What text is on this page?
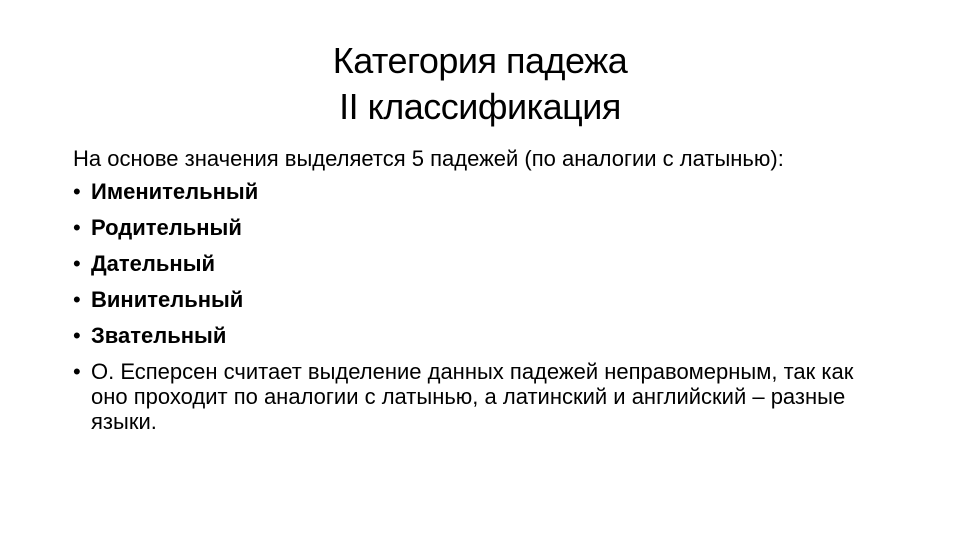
Категория падежа
II классификация

На основе значения выделяется 5 падежей (по аналогии с латынью):

• Именительный
• Родительный
• Дательный
• Винительный
• Звательный
• О. Есперсен считает выделение данных падежей неправомерным, так как оно проходит по аналогии с латынью, а латинский и английский – разные языки.
